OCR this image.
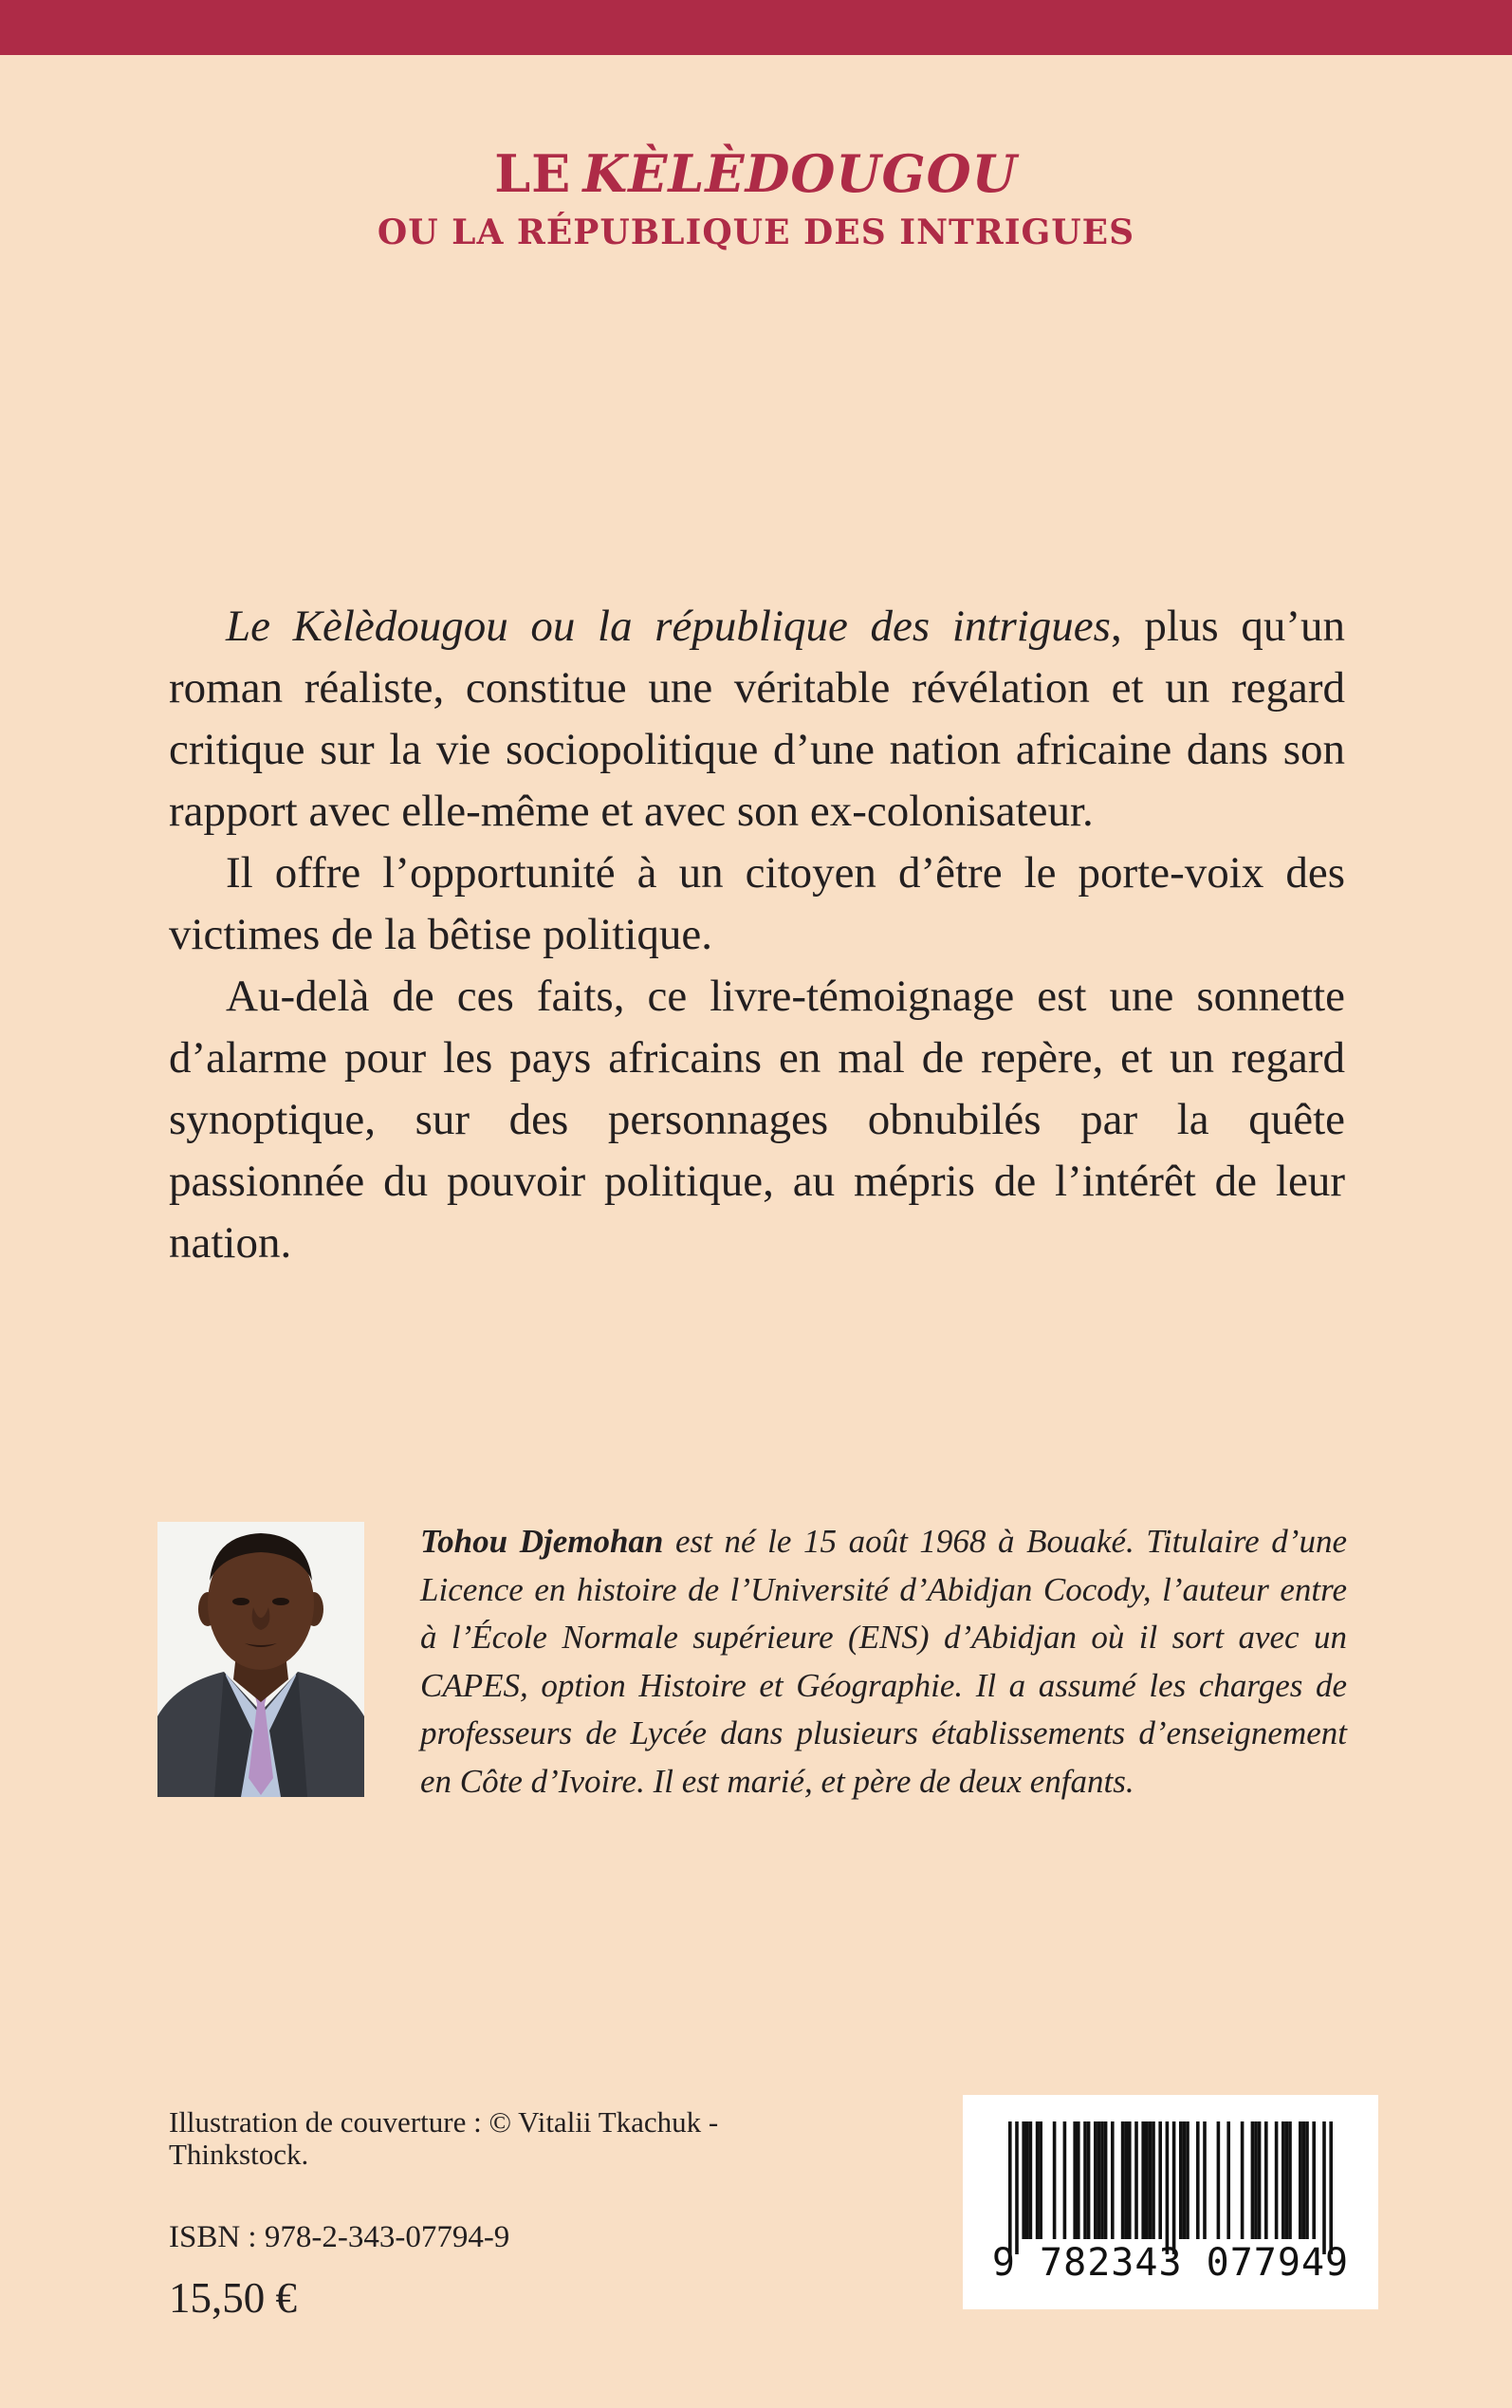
LE KÈLÈDOUGOU
OU LA RÉPUBLIQUE DES INTRIGUES

Le Kèlèdougou ou la république des intrigues, plus qu’un roman réaliste, constitue une véritable révélation et un regard critique sur la vie sociopolitique d’une nation africaine dans son rapport avec elle-même et avec son ex-colonisateur.

Il offre l’opportunité à un citoyen d’être le porte-voix des victimes de la bêtise politique.

Au-delà de ces faits, ce livre-témoignage est une sonnette d’alarme pour les pays africains en mal de repère, et un regard synoptique, sur des personnages obnubilés par la quête passionnée du pouvoir politique, au mépris de l’intérêt de leur nation.

Tohou Djemohan est né le 15 août 1968 à Bouaké. Titulaire d’une Licence en histoire de l’Université d’Abidjan Cocody, l’auteur entre à l’École Normale supérieure (ENS) d’Abidjan où il sort avec un CAPES, option Histoire et Géographie. Il a assumé les charges de professeurs de Lycée dans plusieurs établissements d’enseignement en Côte d’Ivoire. Il est marié, et père de deux enfants.
Illustration de couverture : © Vitalii Tkachuk - Thinkstock.
ISBN : 978-2-343-07794-9
15,50 €
9 782343 077949
